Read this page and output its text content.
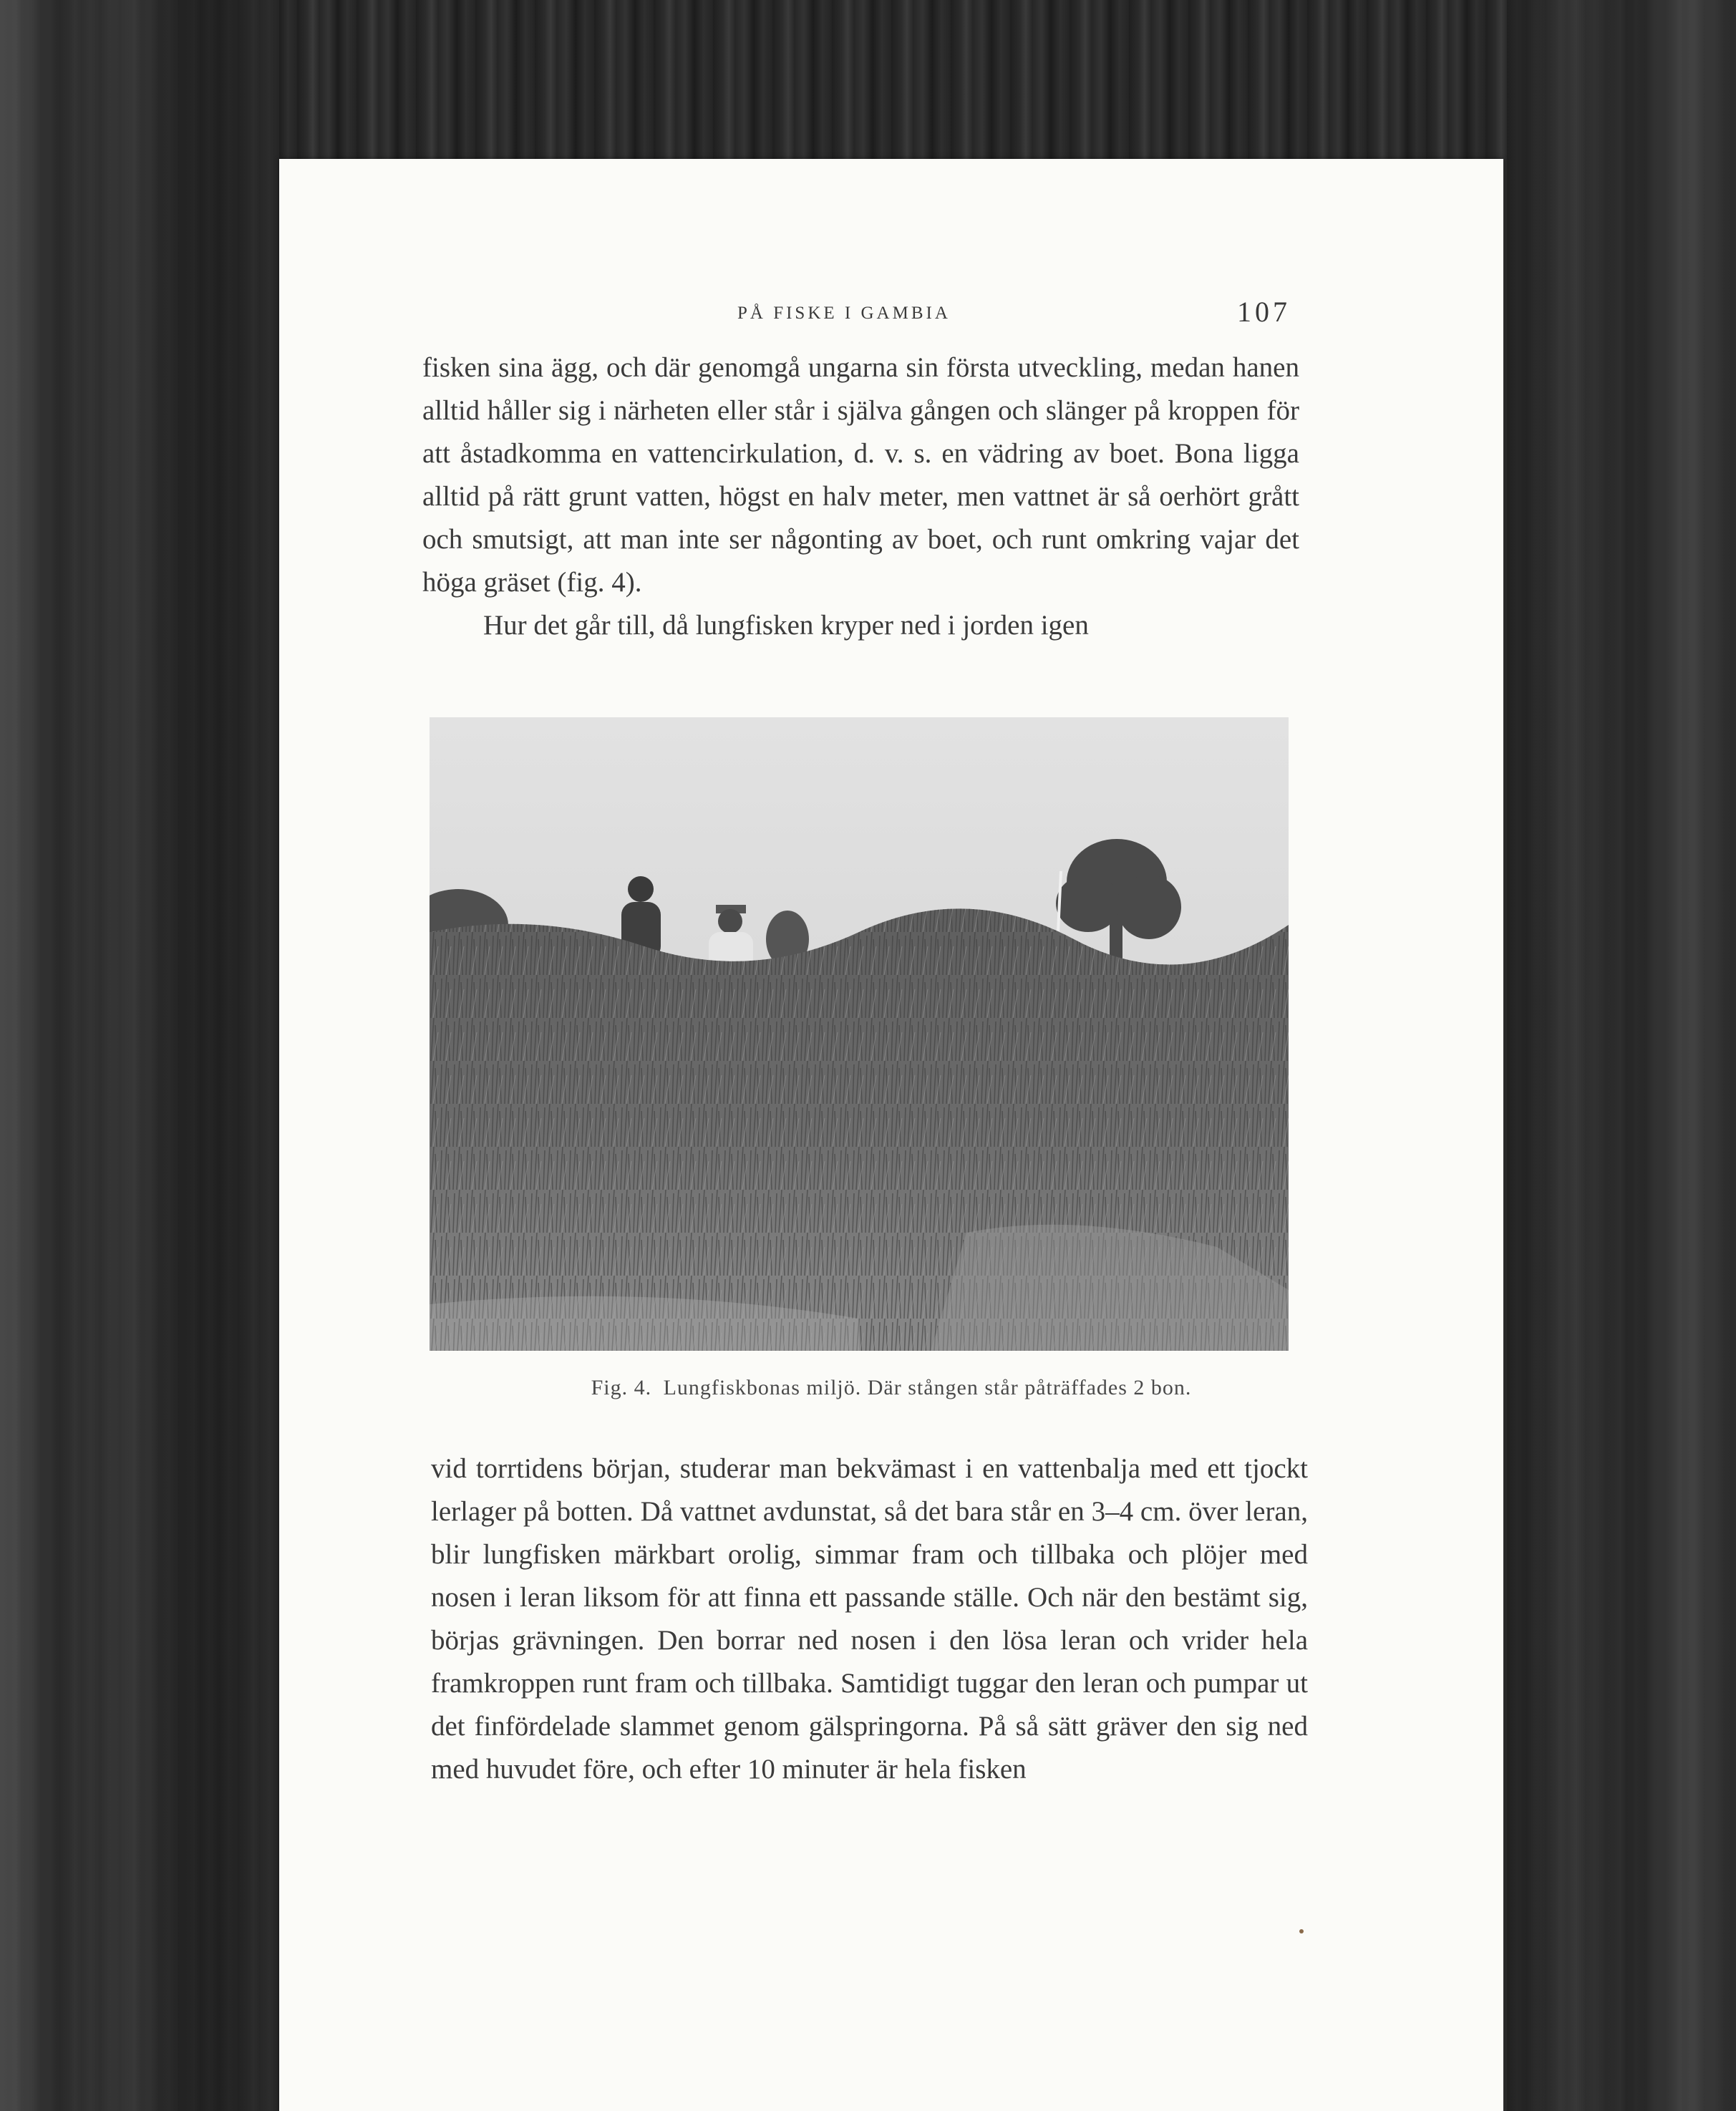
PÅ FISKE I GAMBIA	107

fisken sina ägg, och där genomgå ungarna sin första utveckling, medan hanen alltid håller sig i närheten eller står i själva gången och slänger på kroppen för att åstadkomma en vattencirkulation, d. v. s. en vädring av boet. Bona ligga alltid på rätt grunt vatten, högst en halv meter, men vattnet är så oerhört grått och smutsigt, att man inte ser någonting av boet, och runt omkring vajar det höga gräset (fig. 4).

Hur det går till, då lungfisken kryper ned i jorden igen

Fig. 4. Lungfiskbonas miljö. Där stången står påträffades 2 bon.

vid torrtidens början, studerar man bekvämast i en vattenbalja med ett tjockt lerlager på botten. Då vattnet avdunstat, så det bara står en 3–4 cm. över leran, blir lungfisken märkbart orolig, simmar fram och tillbaka och plöjer med nosen i leran liksom för att finna ett passande ställe. Och när den bestämt sig, börjas grävningen. Den borrar ned nosen i den lösa leran och vrider hela framkroppen runt fram och tillbaka. Samtidigt tuggar den leran och pumpar ut det finfördelade slammet genom gälspringorna. På så sätt gräver den sig ned med huvudet före, och efter 10 minuter är hela fisken
